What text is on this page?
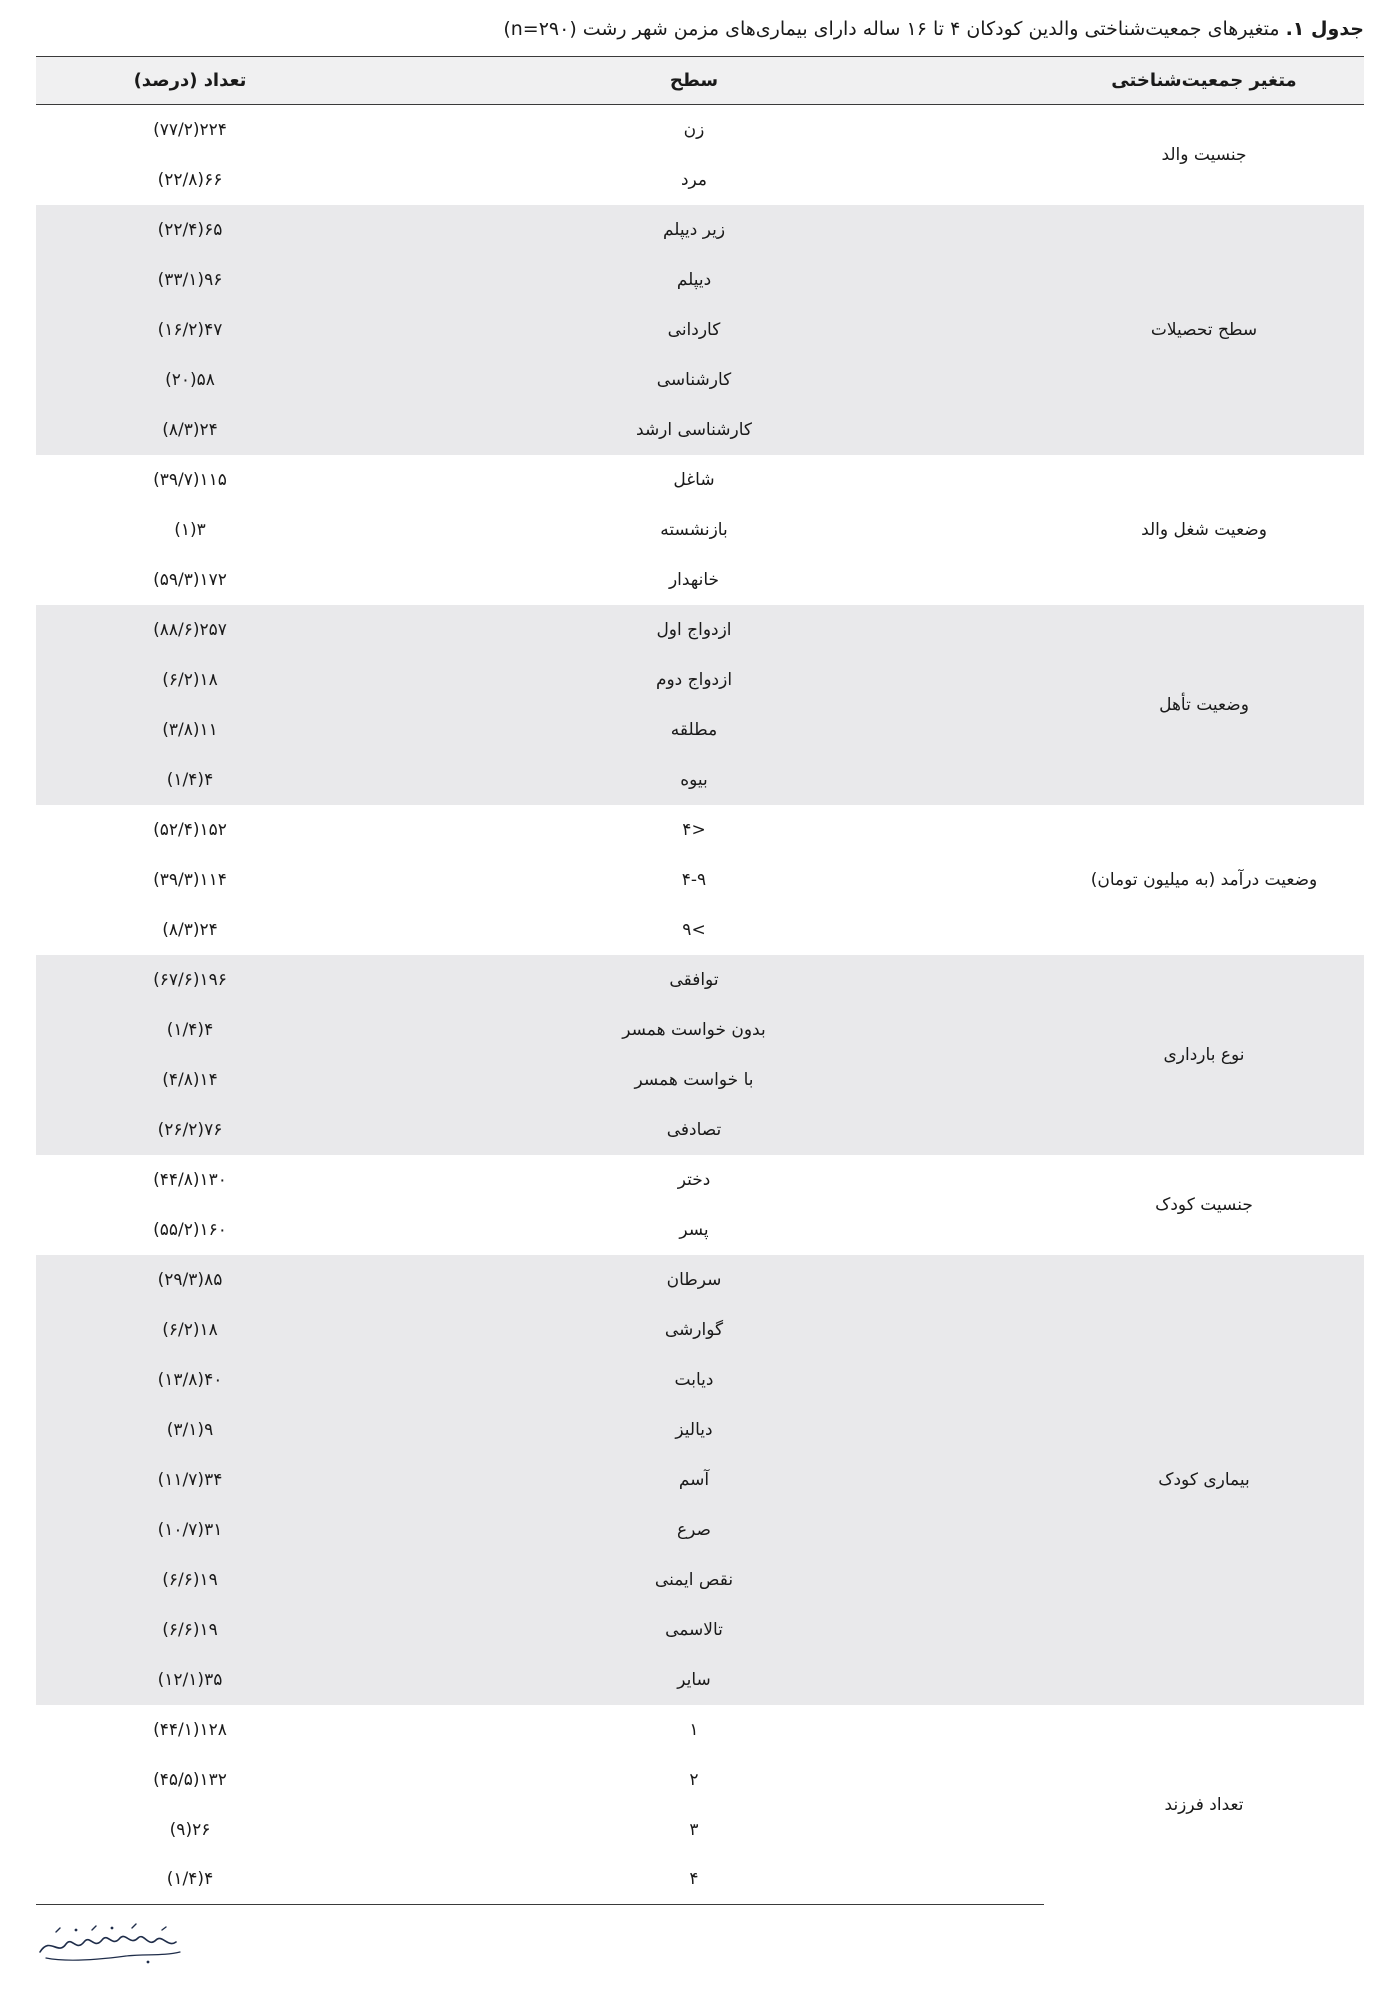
جدول ۱.متغیرهای جمعیت‌شناختی والدین کودکان ۴ تا ۱۶ ساله دارای بیماری‌های مزمن شهر رشت (n=۲۹۰)
متغیر جمعیت‌شناختی	سطح	تعداد (درصد)
جنسیت والد	زن	۲۲۴(۷۷/۲)
	مرد	۶۶(۲۲/۸)
سطح تحصیلات	زیر دیپلم	۶۵(۲۲/۴)
	دیپلم	۹۶(۳۳/۱)
	کاردانی	۴۷(۱۶/۲)
	کارشناسی	۵۸(۲۰)
	کارشناسی ارشد	۲۴(۸/۳)
وضعیت شغل والد	شاغل	۱۱۵(۳۹/۷)
	بازنشسته	۳(۱)
	خانهدار	۱۷۲(۵۹/۳)
وضعیت تأهل	ازدواج اول	۲۵۷(۸۸/۶)
	ازدواج دوم	۱۸(۶/۲)
	مطلقه	۱۱(۳/۸)
	بیوه	۴(۱/۴)
وضعیت درآمد (به میلیون تومان)	<۴	۱۵۲(۵۲/۴)
	۴-۹	۱۱۴(۳۹/۳)
	>۹	۲۴(۸/۳)
نوع بارداری	توافقی	۱۹۶(۶۷/۶)
	بدون خواست همسر	۴(۱/۴)
	با خواست همسر	۱۴(۴/۸)
	تصادفی	۷۶(۲۶/۲)
جنسیت کودک	دختر	۱۳۰(۴۴/۸)
	پسر	۱۶۰(۵۵/۲)
بیماری کودک	سرطان	۸۵(۲۹/۳)
	گوارشی	۱۸(۶/۲)
	دیابت	۴۰(۱۳/۸)
	دیالیز	۹(۳/۱)
	آسم	۳۴(۱۱/۷)
	صرع	۳۱(۱۰/۷)
	نقص ایمنی	۱۹(۶/۶)
	تالاسمی	۱۹(۶/۶)
	سایر	۳۵(۱۲/۱)
تعداد فرزند	۱	۱۲۸(۴۴/۱)
	۲	۱۳۲(۴۵/۵)
	۳	۲۶(۹)
	۴	۴(۱/۴)
